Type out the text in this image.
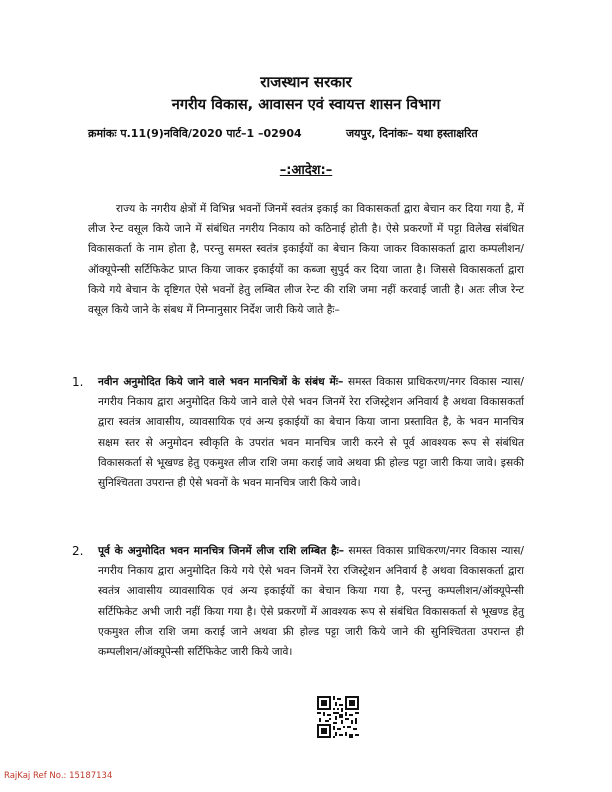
राजस्थान सरकार
नगरीय विकास, आवासन एवं स्वायत्त शासन विभाग
क्रमांकः प.11(9)नविवि/2020 पार्ट–1 –02904	जयपुर, दिनांकः– यथा हस्ताक्षरित
–:आदेश:–
राज्य के नगरीय क्षेत्रों में विभिन्न भवनों जिनमें स्वतंत्र इकाई का विकासकर्ता द्वारा बेचान कर दिया गया है, में लीज रेन्ट वसूल किये जाने में संबंधित नगरीय निकाय को कठिनाई होती है। ऐसे प्रकरणों में पट्टा विलेख संबंधित विकासकर्ता के नाम होता है, परन्तु समस्त स्वतंत्र इकाईयों का बेचान किया जाकर विकासकर्ता द्वारा कम्पलीशन/ऑक्यूपेन्सी सर्टिफिकेट प्राप्त किया जाकर इकाईयों का कब्जा सुपुर्द कर दिया जाता है। जिससे विकासकर्ता द्वारा किये गये बेचान के दृष्टिगत ऐसे भवनों हेतु लम्बित लीज रेन्ट की राशि जमा नहीं करवाई जाती है। अतः लीज रेन्ट वसूल किये जाने के संबध में निम्नानुसार निर्देश जारी किये जाते हैः–
1. नवीन अनुमोदित किये जाने वाले भवन मानचित्रों के संबंध मेंः– समस्त विकास प्राधिकरण/नगर विकास न्यास/नगरीय निकाय द्वारा अनुमोदित किये जाने वाले ऐसे भवन जिनमें रेरा रजिस्ट्रेशन अनिवार्य है अथवा विकासकर्ता द्वारा स्वतंत्र आवासीय, व्यावसायिक एवं अन्य इकाईयों का बेचान किया जाना प्रस्तावित है, के भवन मानचित्र सक्षम स्तर से अनुमोदन स्वीकृति के उपरांत भवन मानचित्र जारी करने से पूर्व आवश्यक रूप से संबंधित विकासकर्ता से भूखण्ड हेतु एकमुश्त लीज राशि जमा कराई जावे अथवा फ्री होल्ड पट्टा जारी किया जावे। इसकी सुनिश्चितता उपरान्त ही ऐसे भवनों के भवन मानचित्र जारी किये जावे।
2. पूर्व के अनुमोदित भवन मानचित्र जिनमें लीज राशि लम्बित हैः– समस्त विकास प्राधिकरण/नगर विकास न्यास/नगरीय निकाय द्वारा अनुमोदित किये गये ऐसे भवन जिनमें रेरा रजिस्ट्रेशन अनिवार्य है अथवा विकासकर्ता द्वारा स्वतंत्र आवासीय व्यावसायिक एवं अन्य इकाईयों का बेचान किया गया है, परन्तु कम्पलीशन/ऑक्यूपेन्सी सर्टिफिकेट अभी जारी नहीं किया गया है। ऐसे प्रकरणों में आवश्यक रूप से संबंधित विकासकर्ता से भूखण्ड हेतु एकमुश्त लीज राशि जमा कराई जाने अथवा फ्री होल्ड पट्टा जारी किये जाने की सुनिश्चितता उपरान्त ही कम्पलीशन/ऑक्यूपेन्सी सर्टिफिकेट जारी किये जावे।
RajKaj Ref No.: 15187134
